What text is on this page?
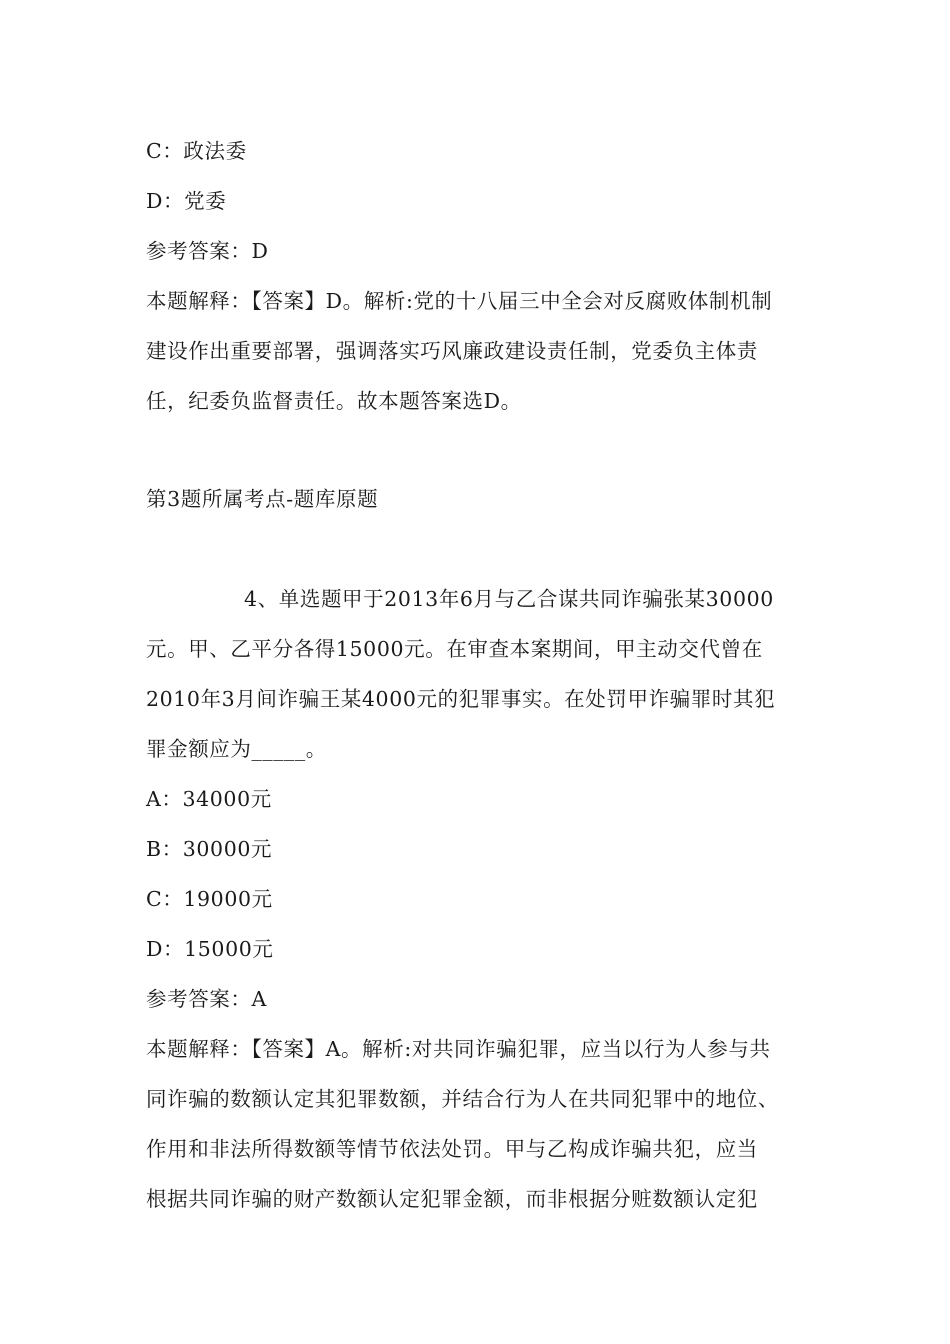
C：政法委
D：党委
参考答案：D
本题解释：【答案】D。解析:党的十八届三中全会对反腐败体制机制
建设作出重要部署，强调落实巧风廉政建设责任制，党委负主体责
任，纪委负监督责任。故本题答案选D。
第3题所属考点-题库原题
4、单选题甲于2013年6月与乙合谋共同诈骗张某30000
元。甲、乙平分各得15000元。在审查本案期间，甲主动交代曾在
2010年3月间诈骗王某4000元的犯罪事实。在处罚甲诈骗罪时其犯
罪金额应为_____。
A：34000元
B：30000元
C：19000元
D：15000元
参考答案：A
本题解释：【答案】A。解析:对共同诈骗犯罪，应当以行为人参与共
同诈骗的数额认定其犯罪数额，并结合行为人在共同犯罪中的地位、
作用和非法所得数额等情节依法处罚。甲与乙构成诈骗共犯，应当
根据共同诈骗的财产数额认定犯罪金额，而非根据分赃数额认定犯
